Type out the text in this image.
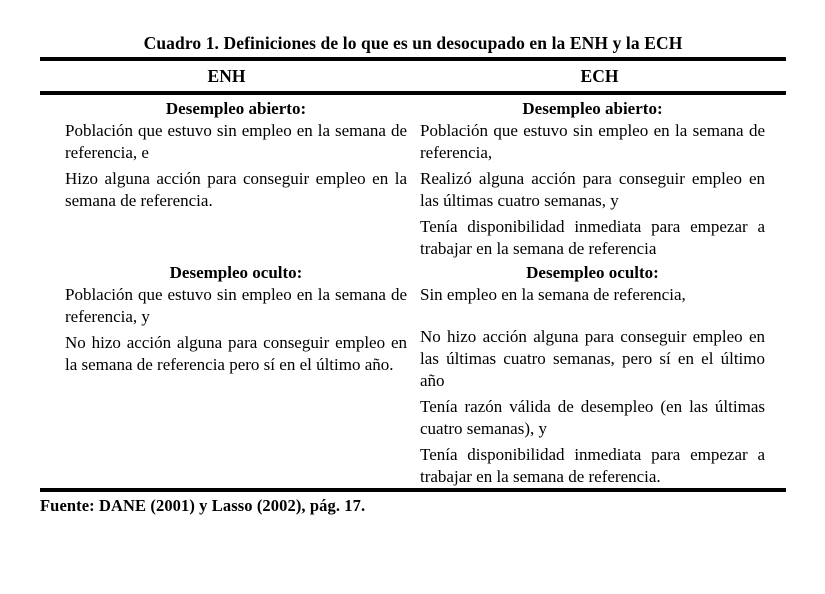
Cuadro 1. Definiciones de lo que es un desocupado en la ENH y la ECH
ENH	ECH
Desempleo abierto:

Población que estuvo sin empleo en la semana de referencia, e

Hizo alguna acción para conseguir empleo en la semana de referencia.

Desempleo abierto:

Población que estuvo sin empleo en la semana de referencia,

Realizó alguna acción para conseguir empleo en las últimas cuatro semanas, y

Tenía disponibilidad inmediata para empezar a trabajar en la semana de referencia

Desempleo oculto:

Población que estuvo sin empleo en la semana de referencia, y

No hizo acción alguna para conseguir empleo en la semana de referencia pero sí en el último año.

Desempleo oculto:

Sin empleo en la semana de referencia,

No hizo acción alguna para conseguir empleo en las últimas cuatro semanas, pero sí en el último año

Tenía razón válida de desempleo (en las últimas cuatro semanas), y

Tenía disponibilidad inmediata para empezar a trabajar en la semana de referencia.

Fuente: DANE (2001) y Lasso (2002), pág. 17.
